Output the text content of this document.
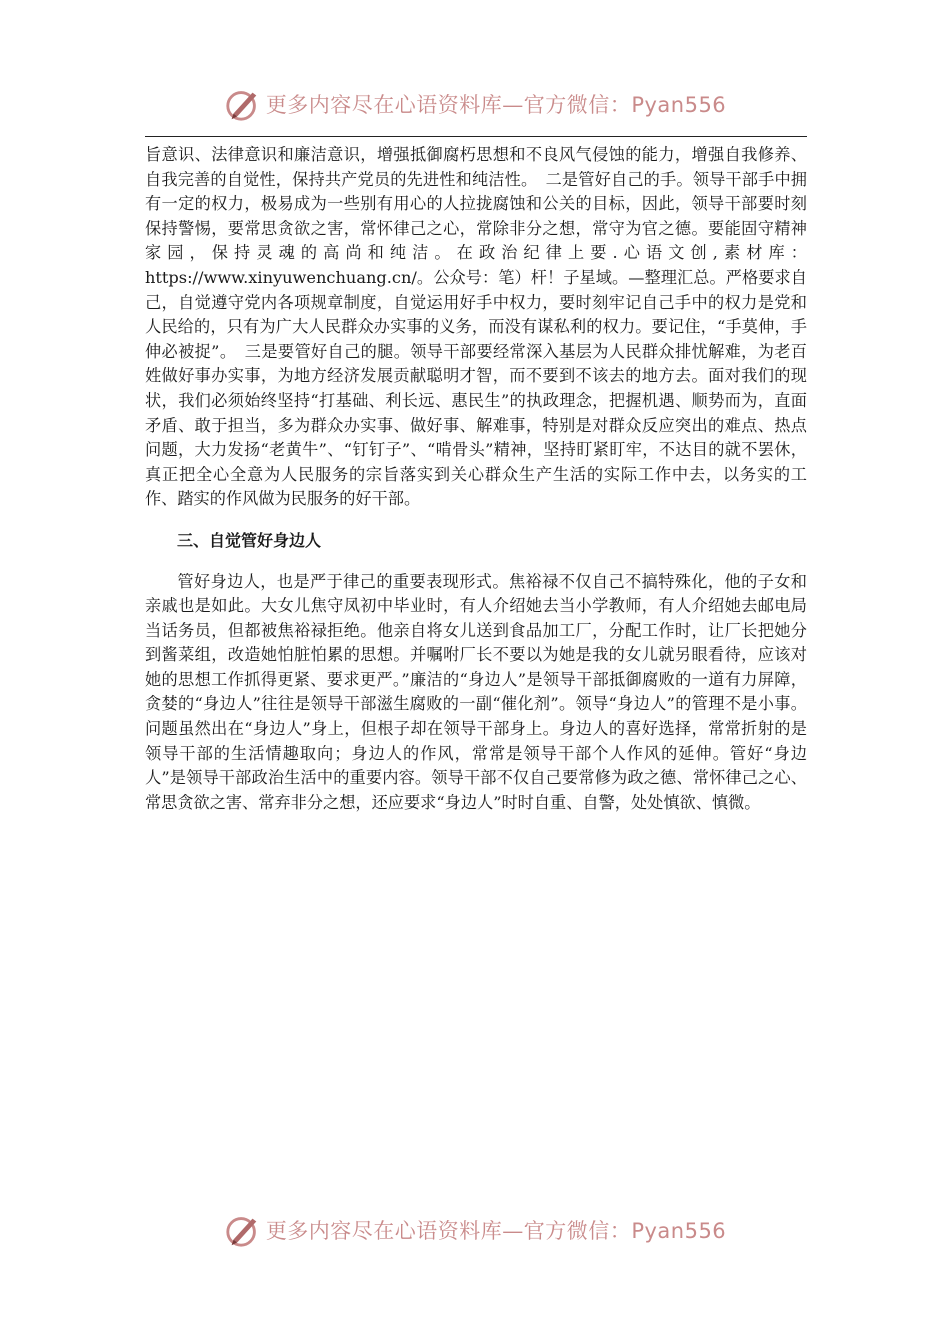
更多内容尽在心语资料库—官方微信：Pyan556

旨意识、法律意识和廉洁意识，增强抵御腐朽思想和不良风气侵蚀的能力，增强自我修养、自我完善的自觉性，保持共产党员的先进性和纯洁性。　二是管好自己的手。领导干部手中拥有一定的权力，极易成为一些别有用心的人拉拢腐蚀和公关的目标，因此，领导干部要时刻保持警惕，要常思贪欲之害，常怀律己之心，常除非分之想，常守为官之德。要能固守精神家园，保持灵魂的高尚和纯洁。在政治纪律上要.心语文创,素材库：https://www.xinyuwenchuang.cn/。公众号：笔）杆！子星域。—整理汇总。严格要求自己，自觉遵守党内各项规章制度，自觉运用好手中权力，要时刻牢记自己手中的权力是党和人民给的，只有为广大人民群众办实事的义务，而没有谋私利的权力。要记住，“手莫伸，手伸必被捉”。　三是要管好自己的腿。领导干部要经常深入基层为人民群众排忧解难，为老百姓做好事办实事，为地方经济发展贡献聪明才智，而不要到不该去的地方去。面对我们的现状，我们必须始终坚持“打基础、利长远、惠民生”的执政理念，把握机遇、顺势而为，直面矛盾、敢于担当，多为群众办实事、做好事、解难事，特别是对群众反应突出的难点、热点问题，大力发扬“老黄牛”、“钉钉子”、“啃骨头”精神，坚持盯紧盯牢，不达目的就不罢休，真正把全心全意为人民服务的宗旨落实到关心群众生产生活的实际工作中去，以务实的工作、踏实的作风做为民服务的好干部。

三、自觉管好身边人

管好身边人，也是严于律己的重要表现形式。焦裕禄不仅自己不搞特殊化，他的子女和亲戚也是如此。大女儿焦守凤初中毕业时，有人介绍她去当小学教师，有人介绍她去邮电局当话务员，但都被焦裕禄拒绝。他亲自将女儿送到食品加工厂，分配工作时，让厂长把她分到酱菜组，改造她怕脏怕累的思想。并嘱咐厂长不要以为她是我的女儿就另眼看待，应该对她的思想工作抓得更紧、要求更严。”廉洁的“身边人”是领导干部抵御腐败的一道有力屏障，贪婪的“身边人”往往是领导干部滋生腐败的一副“催化剂”。领导“身边人”的管理不是小事。问题虽然出在“身边人”身上，但根子却在领导干部身上。身边人的喜好选择，常常折射的是领导干部的生活情趣取向；身边人的作风，常常是领导干部个人作风的延伸。管好“身边人”是领导干部政治生活中的重要内容。领导干部不仅自己要常修为政之德、常怀律己之心、常思贪欲之害、常弃非分之想，还应要求“身边人”时时自重、自警，处处慎欲、慎微。

更多内容尽在心语资料库—官方微信：Pyan556
